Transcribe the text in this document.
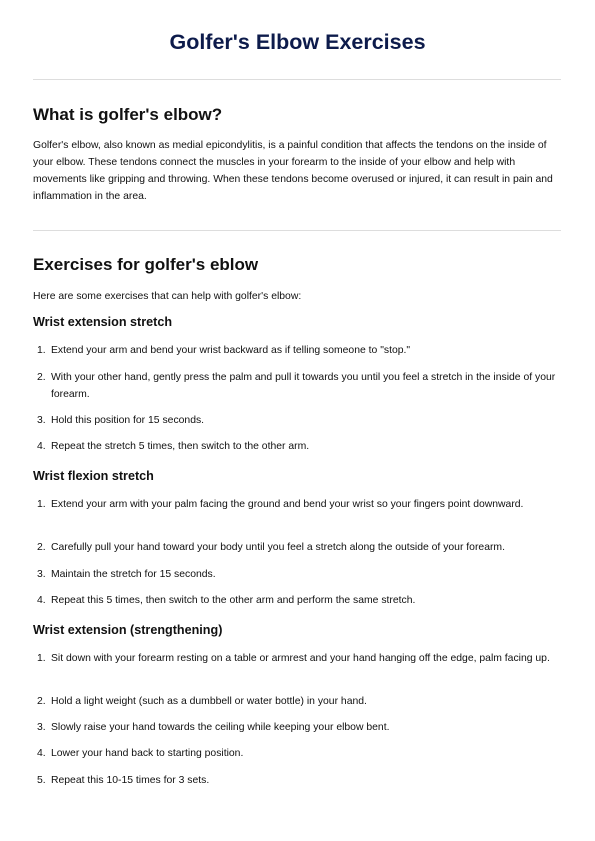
Golfer's Elbow Exercises
What is golfer's elbow?

Golfer's elbow, also known as medial epicondylitis, is a painful condition that affects the tendons on the inside of your elbow. These tendons connect the muscles in your forearm to the inside of your elbow and help with movements like gripping and throwing. When these tendons become overused or injured, it can result in pain and inflammation in the area.

Exercises for golfer's eblow

Here are some exercises that can help with golfer's elbow:

Wrist extension stretch
1. Extend your arm and bend your wrist backward as if telling someone to "stop."
2. With your other hand, gently press the palm and pull it towards you until you feel a stretch in the inside of your forearm.
3. Hold this position for 15 seconds.
4. Repeat the stretch 5 times, then switch to the other arm.
Wrist flexion stretch
1. Extend your arm with your palm facing the ground and bend your wrist so your fingers point downward.
2. Carefully pull your hand toward your body until you feel a stretch along the outside of your forearm.
3. Maintain the stretch for 15 seconds.
4. Repeat this 5 times, then switch to the other arm and perform the same stretch.
Wrist extension (strengthening)
1. Sit down with your forearm resting on a table or armrest and your hand hanging off the edge, palm facing up.
2. Hold a light weight (such as a dumbbell or water bottle) in your hand.
3. Slowly raise your hand towards the ceiling while keeping your elbow bent.
4. Lower your hand back to starting position.
5. Repeat this 10-15 times for 3 sets.
